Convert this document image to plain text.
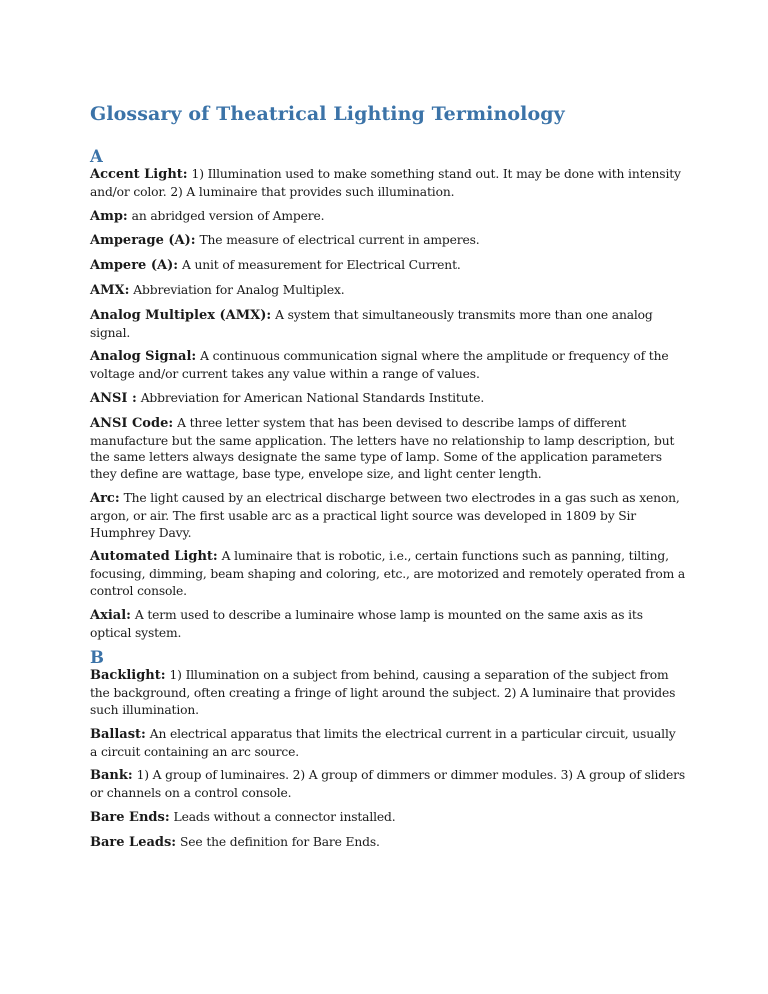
Glossary of Theatrical Lighting Terminology
A

Accent Light: 1) Illumination used to make something stand out. It may be done with intensity and/or color. 2) A luminaire that provides such illumination.

Amp: an abridged version of Ampere.

Amperage (A): The measure of electrical current in amperes.

Ampere (A): A unit of measurement for Electrical Current.

AMX: Abbreviation for Analog Multiplex.

Analog Multiplex (AMX): A system that simultaneously transmits more than one analog signal.

Analog Signal: A continuous communication signal where the amplitude or frequency of the voltage and/or current takes any value within a range of values.

ANSI : Abbreviation for American National Standards Institute.

ANSI Code: A three letter system that has been devised to describe lamps of different manufacture but the same application. The letters have no relationship to lamp description, but the same letters always designate the same type of lamp. Some of the application parameters they define are wattage, base type, envelope size, and light center length.

Arc: The light caused by an electrical discharge between two electrodes in a gas such as xenon, argon, or air. The first usable arc as a practical light source was developed in 1809 by Sir Humphrey Davy.

Automated Light: A luminaire that is robotic, i.e., certain functions such as panning, tilting, focusing, dimming, beam shaping and coloring, etc., are motorized and remotely operated from a control console.

Axial: A term used to describe a luminaire whose lamp is mounted on the same axis as its optical system.

B

Backlight: 1) Illumination on a subject from behind, causing a separation of the subject from the background, often creating a fringe of light around the subject. 2) A luminaire that provides such illumination.

Ballast: An electrical apparatus that limits the electrical current in a particular circuit, usually a circuit containing an arc source.

Bank: 1) A group of luminaires. 2) A group of dimmers or dimmer modules. 3) A group of sliders or channels on a control console.

Bare Ends: Leads without a connector installed.

Bare Leads: See the definition for Bare Ends.
